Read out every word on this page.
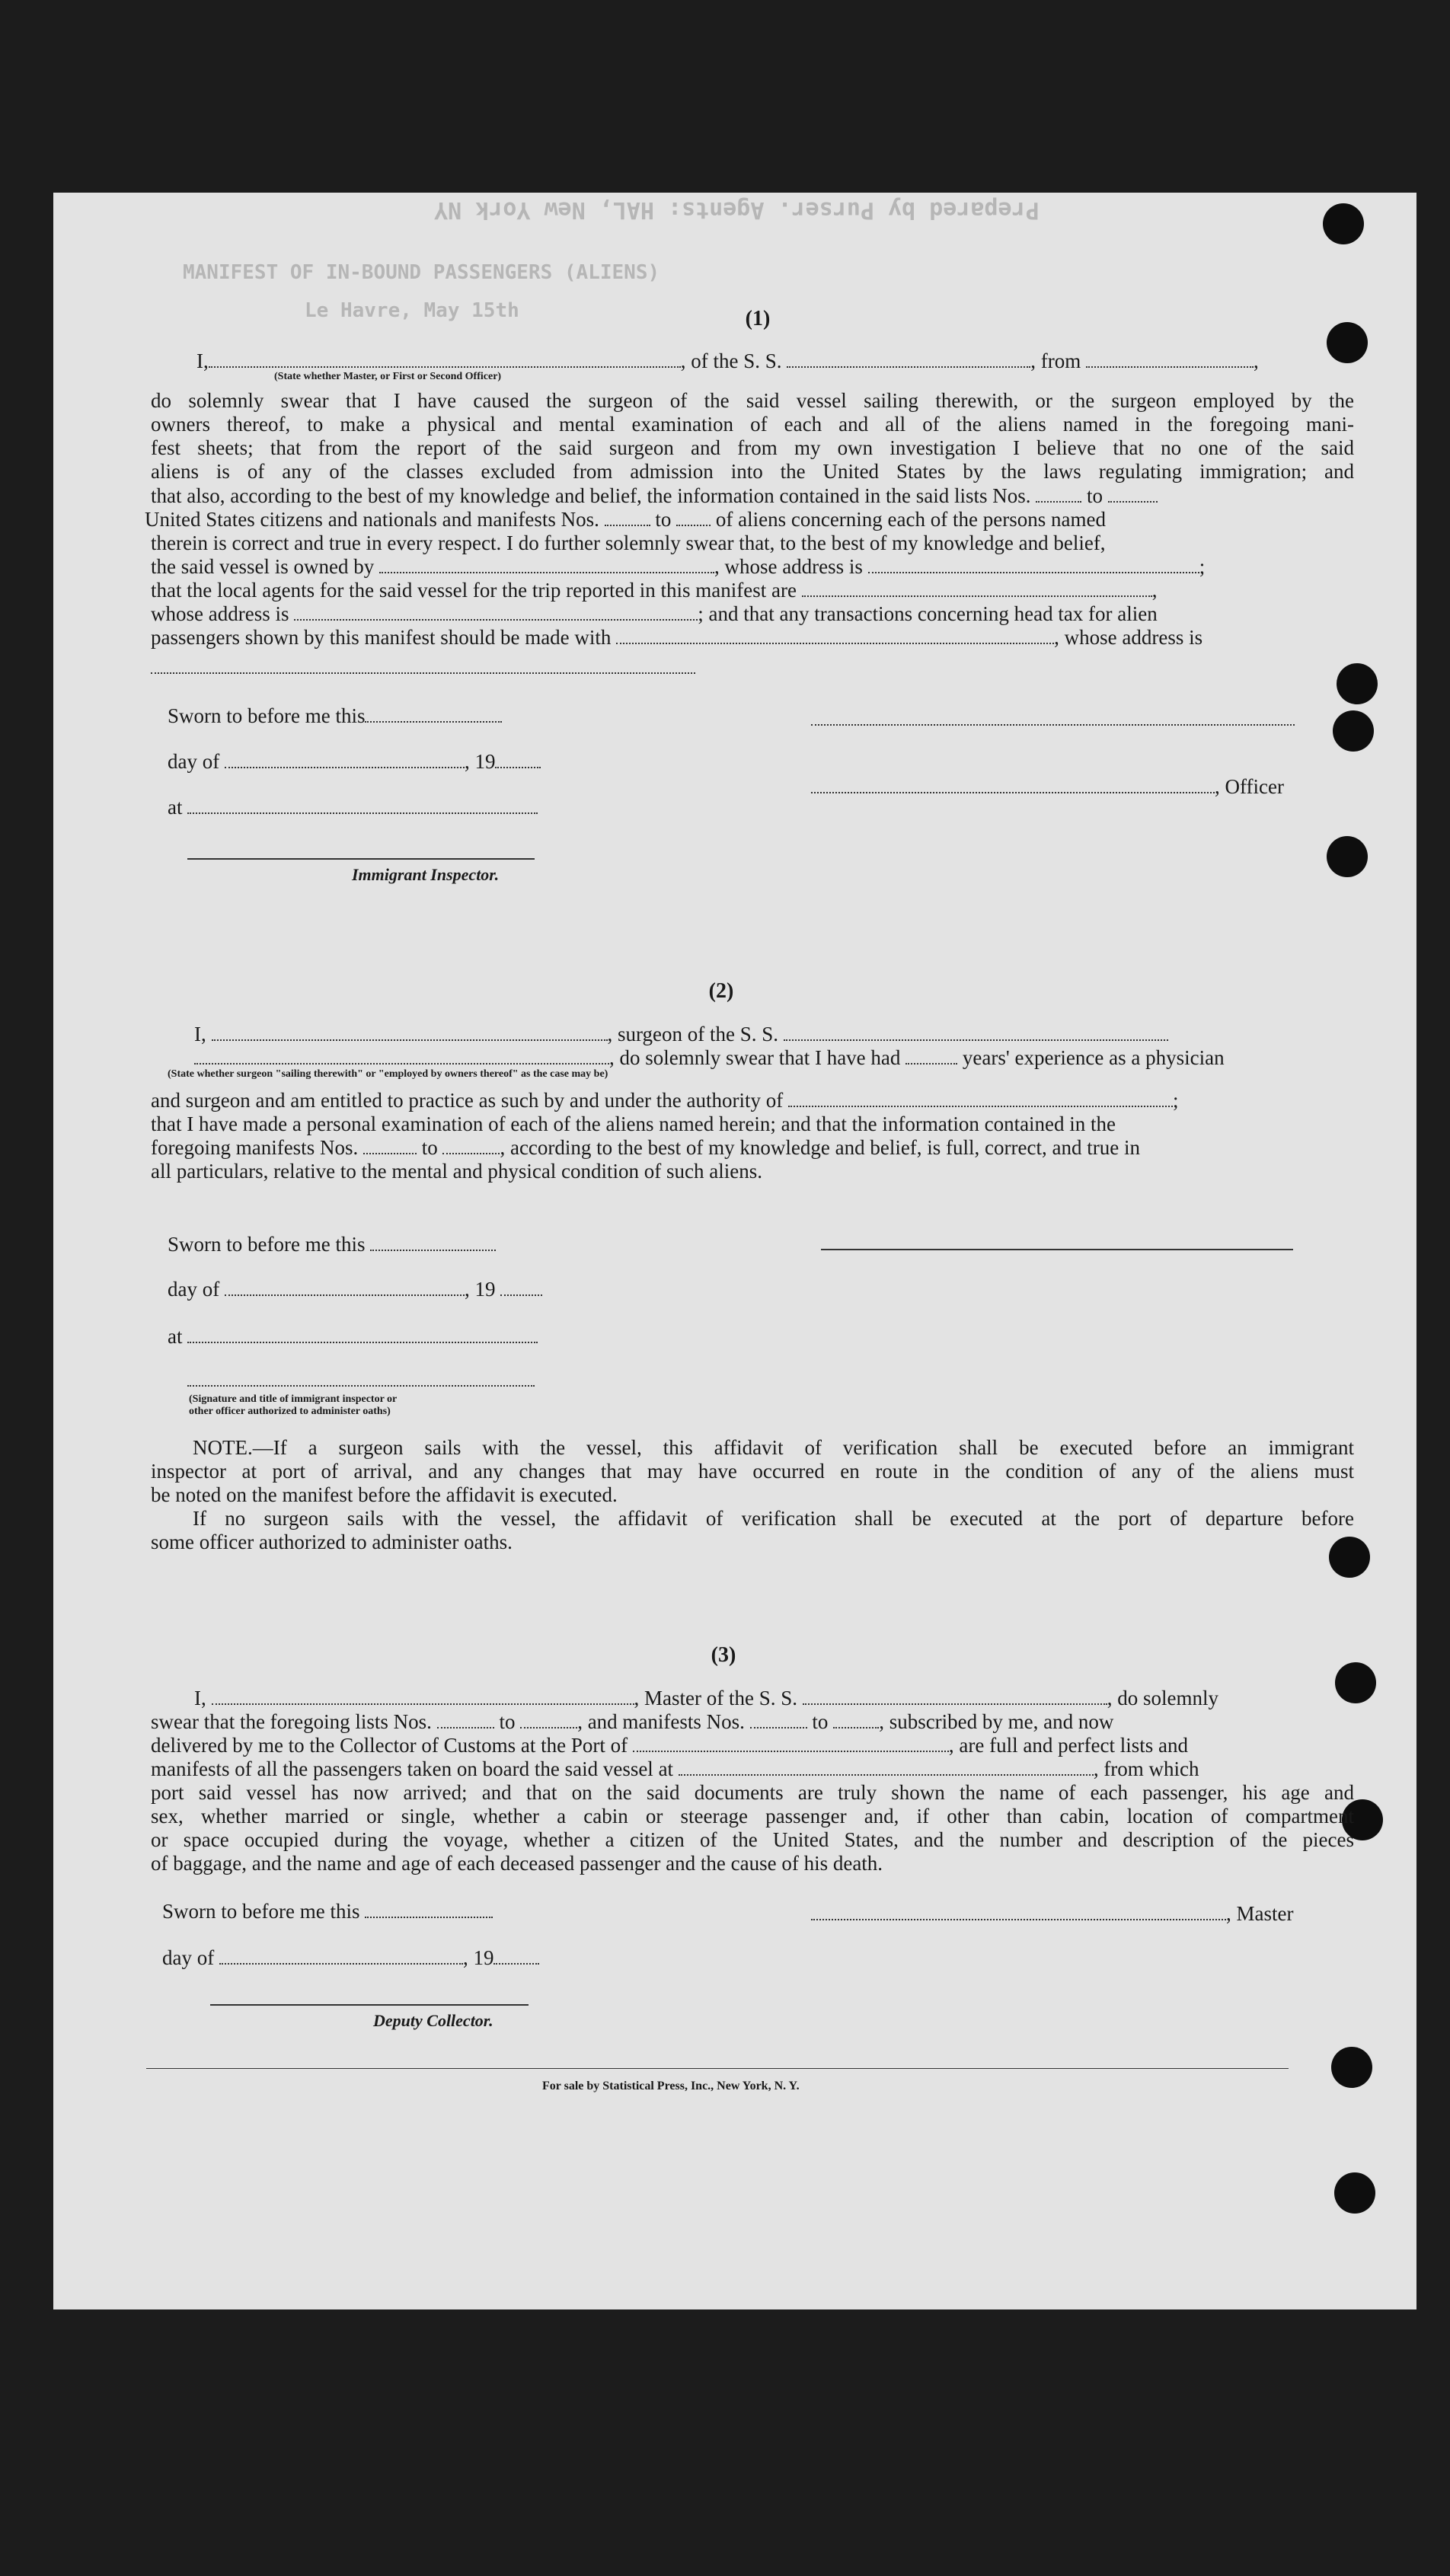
Prepared by Purser. Agents: HAL, New York NY
MANIFEST OF IN-BOUND PASSENGERS (ALIENS)
Le Havre, May 15th	(1)
I,	, of the S. S.	, from	,
(State whether Master, or First or Second Officer)
do solemnly swear that I have caused the surgeon of the said vessel sailing therewith, or the surgeon employed by the
owners thereof, to make a physical and mental examination of each and all of the aliens named in the foregoing mani-
fest sheets; that from the report of the said surgeon and from my own investigation I believe that no one of the said
aliens is of any of the classes excluded from admission into the United States by the laws regulating immigration; and
that also, according to the best of my knowledge and belief, the information contained in the said lists Nos.	to
United States citizens and nationals and manifests Nos.	to of aliens concerning each of the persons named
therein is correct and true in every respect. I do further solemnly swear that, to the best of my knowledge and belief,
the said vessel is owned by	, whose address is	;
that the local agents for the said vessel for the trip reported in this manifest are	,
whose address is	; and that any transactions concerning head tax for alien
passengers shown by this manifest should be made with	, whose address is
Sworn to before me this
day of	, 19
, Officer
at
Immigrant Inspector.
(2)
I,	, surgeon of the S. S.
, do solemnly swear that I have had	years' experience as a physician
(State whether surgeon "sailing therewith" or "employed by owners thereof" as the case may be)
and surgeon and am entitled to practice as such by and under the authority of	;
that I have made a personal examination of each of the aliens named herein; and that the information contained in the
foregoing manifests Nos.	to	, according to the best of my knowledge and belief, is full, correct, and true in
all particulars, relative to the mental and physical condition of such aliens.
Sworn to before me this
day of	, 19
at
(Signature and title of immigrant inspector or
other officer authorized to administer oaths)
NOTE.—If a surgeon sails with the vessel, this affidavit of verification shall be executed before an immigrant
inspector at port of arrival, and any changes that may have occurred en route in the condition of any of the aliens must
be noted on the manifest before the affidavit is executed.
If no surgeon sails with the vessel, the affidavit of verification shall be executed at the port of departure before
some officer authorized to administer oaths.
(3)
I,	, Master of the S. S.	, do solemnly
swear that the foregoing lists Nos.	to	, and manifests Nos.	to , subscribed by me, and now
delivered by me to the Collector of Customs at the Port of	, are full and perfect lists and
manifests of all the passengers taken on board the said vessel at	, from which
port said vessel has now arrived; and that on the said documents are truly shown the name of each passenger, his age and
sex, whether married or single, whether a cabin or steerage passenger and, if other than cabin, location of compartment
or space occupied during the voyage, whether a citizen of the United States, and the number and description of the pieces
of baggage, and the name and age of each deceased passenger and the cause of his death.
Sworn to before me this	, Master
day of	, 19
Deputy Collector.
For sale by Statistical Press, Inc., New York, N. Y.
